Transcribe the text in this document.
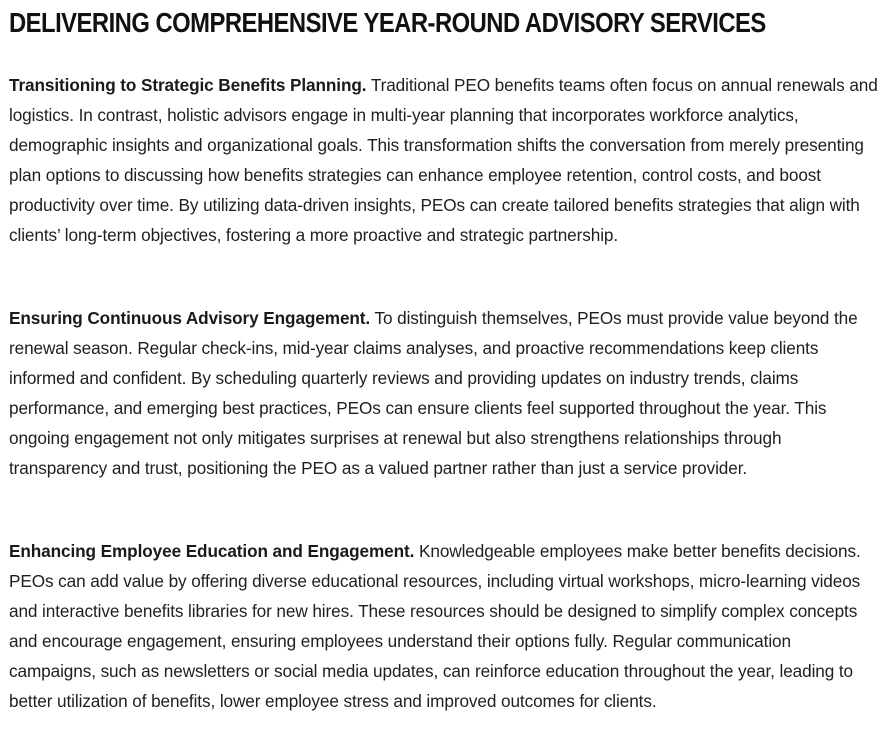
DELIVERING COMPREHENSIVE YEAR-ROUND ADVISORY SERVICES

Transitioning to Strategic Benefits Planning. Traditional PEO benefits teams often focus on annual renewals and logistics. In contrast, holistic advisors engage in multi-year planning that incorporates workforce analytics, demographic insights and organizational goals. This transformation shifts the conversation from merely presenting plan options to discussing how benefits strategies can enhance employee retention, control costs, and boost productivity over time. By utilizing data-driven insights, PEOs can create tailored benefits strategies that align with clients’ long-term objectives, fostering a more proactive and strategic partnership.

Ensuring Continuous Advisory Engagement. To distinguish themselves, PEOs must provide value beyond the renewal season. Regular check-ins, mid-year claims analyses, and proactive recommendations keep clients informed and confident. By scheduling quarterly reviews and providing updates on industry trends, claims performance, and emerging best practices, PEOs can ensure clients feel supported throughout the year. This ongoing engagement not only mitigates surprises at renewal but also strengthens relationships through transparency and trust, positioning the PEO as a valued partner rather than just a service provider.

Enhancing Employee Education and Engagement. Knowledgeable employees make better benefits decisions. PEOs can add value by offering diverse educational resources, including virtual workshops, micro-learning videos and interactive benefits libraries for new hires. These resources should be designed to simplify complex concepts and encourage engagement, ensuring employees understand their options fully. Regular communication campaigns, such as newsletters or social media updates, can reinforce education throughout the year, leading to better utilization of benefits, lower employee stress and improved outcomes for clients.
